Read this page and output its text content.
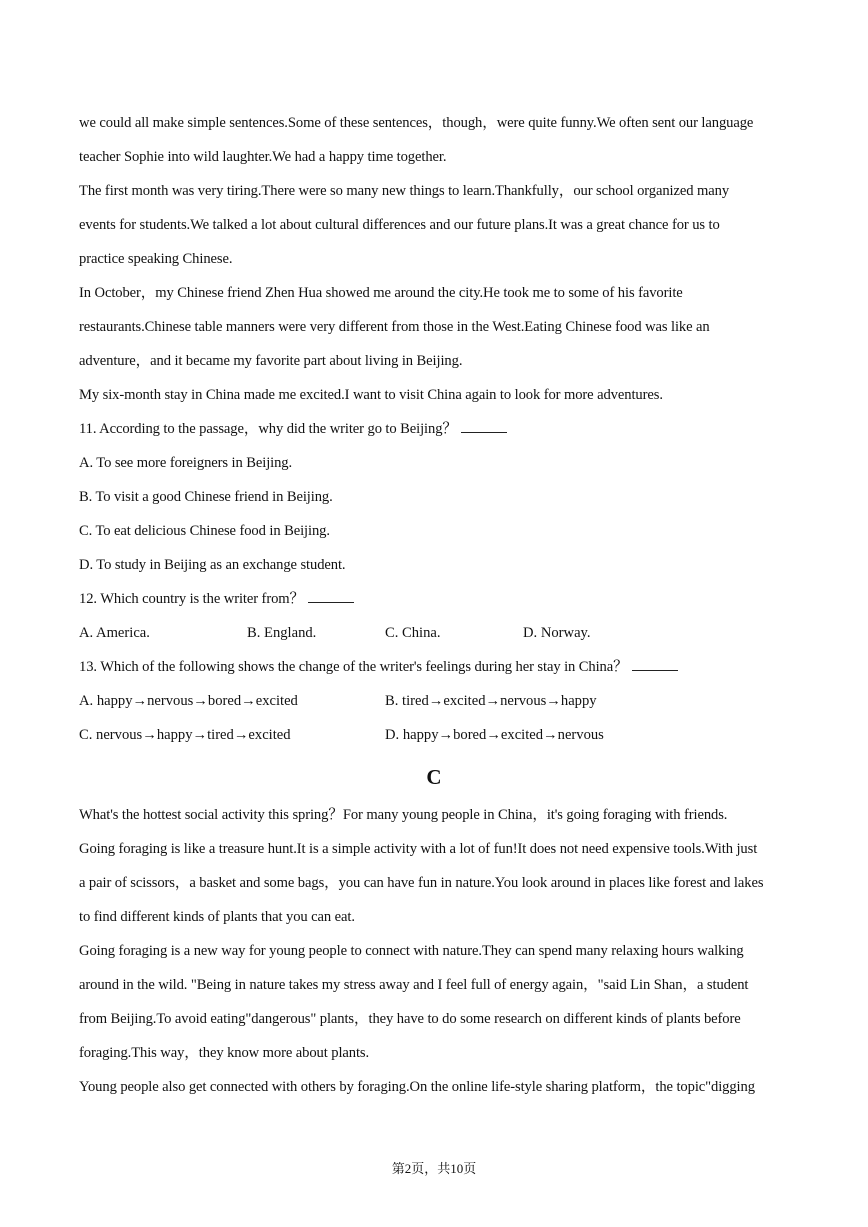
we could all make simple sentences.Some of these sentences，though，were quite funny.We often sent our language
teacher Sophie into wild laughter.We had a happy time together.
The first month was very tiring.There were so many new things to learn.Thankfully，our school organized many
events for students.We talked a lot about cultural differences and our future plans.It was a great chance for us to
practice speaking Chinese.
In October，my Chinese friend Zhen Hua showed me around the city.He took me to some of his favorite
restaurants.Chinese table manners were very different from those in the West.Eating Chinese food was like an
adventure，and it became my favorite part about living in Beijing.
My six-month stay in China made me excited.I want to visit China again to look for more adventures.
11. According to the passage，why did the writer go to Beijing？
A. To see more foreigners in Beijing.
B. To visit a good Chinese friend in Beijing.
C. To eat delicious Chinese food in Beijing.
D. To study in Beijing as an exchange student.
12. Which country is the writer from？
A. America.	B. England.	C. China.	D. Norway.
13. Which of the following shows the change of the writer's feelings during her stay in China？
A. happy→nervous→bored→excited	B. tired→excited→nervous→happy
C. nervous→happy→tired→excited	D. happy→bored→excited→nervous
C
What's the hottest social activity this spring？For many young people in China，it's going foraging with friends.
Going foraging is like a treasure hunt.It is a simple activity with a lot of fun!It does not need expensive tools.With just
a pair of scissors，a basket and some bags，you can have fun in nature.You look around in places like forest and lakes
to find different kinds of plants that you can eat.
Going foraging is a new way for young people to connect with nature.They can spend many relaxing hours walking
around in the wild. "Being in nature takes my stress away and I feel full of energy again，"said Lin Shan，a student
from Beijing.To avoid eating"dangerous" plants，they have to do some research on different kinds of plants before
foraging.This way，they know more about plants.
Young people also get connected with others by foraging.On the online life-style sharing platform，the topic"digging
第2页，共10页
